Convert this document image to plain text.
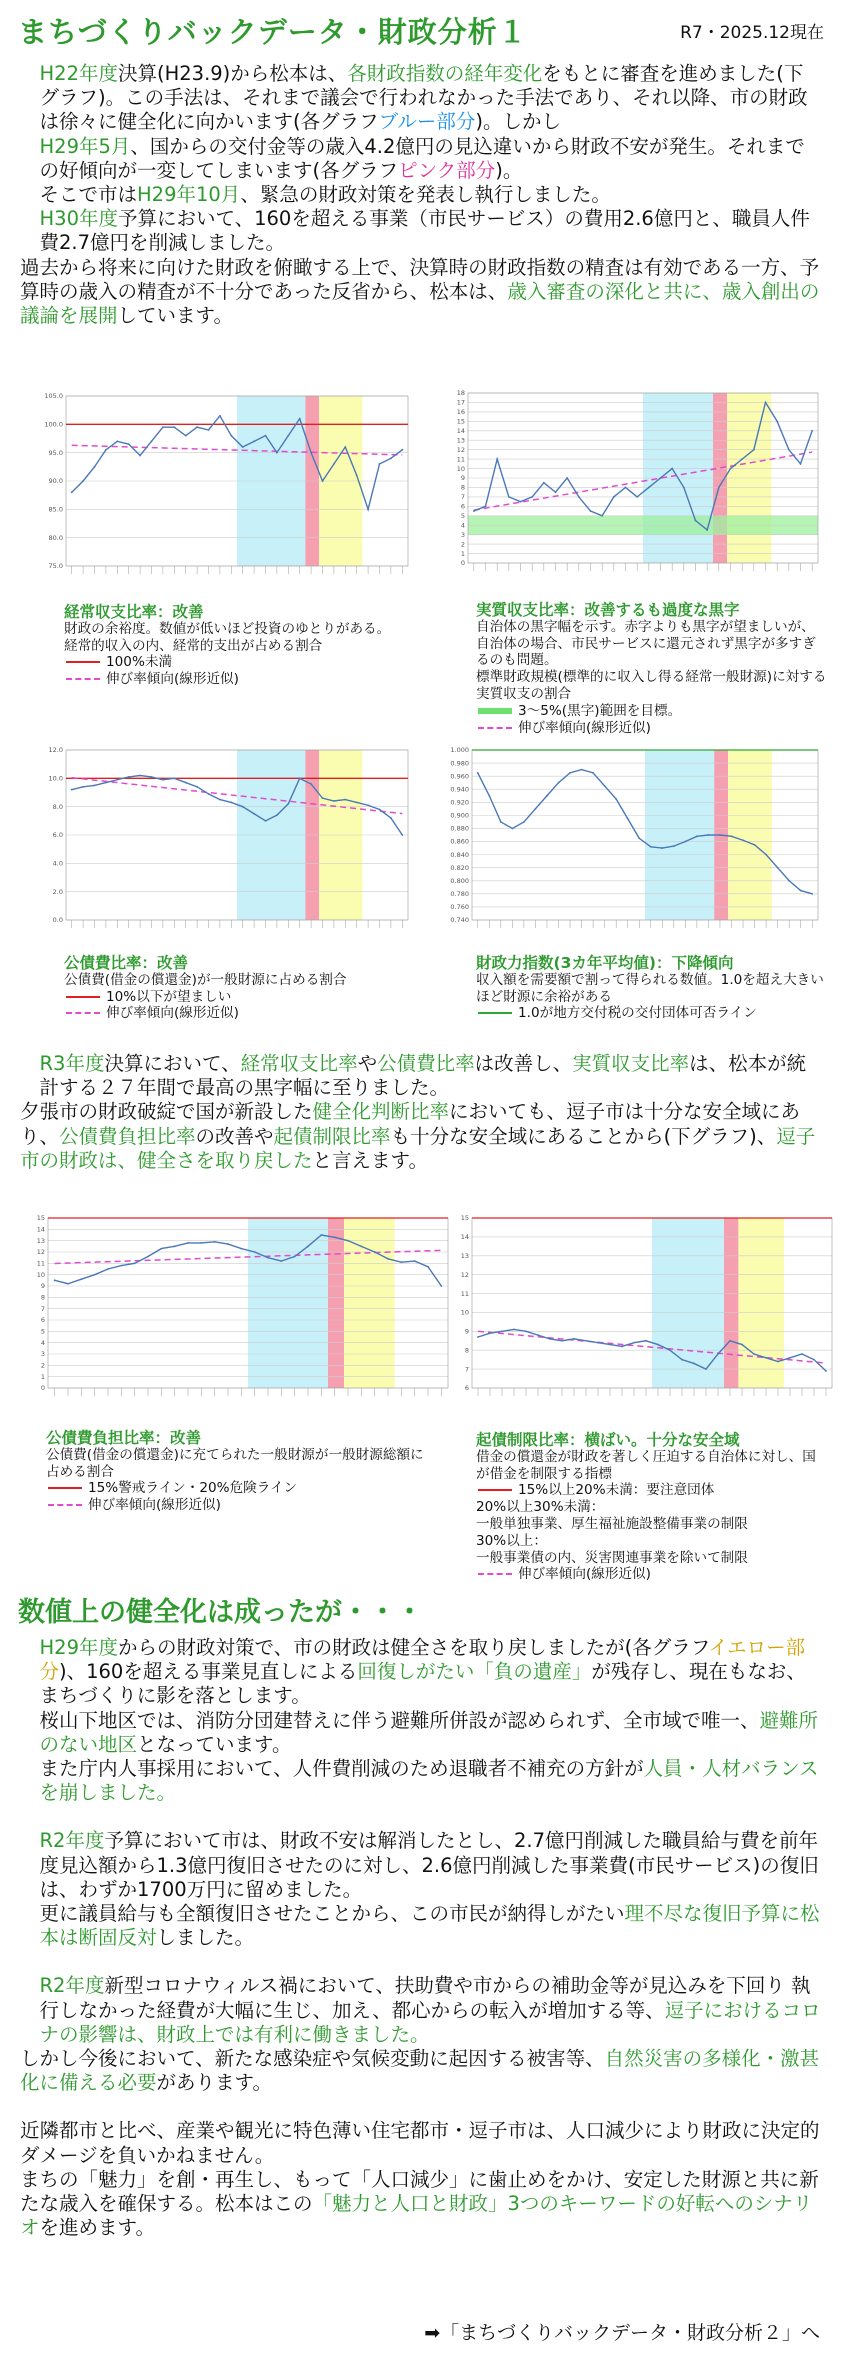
まちづくりバックデータ・財政分析１	R7・2025.12現在
H22年度決算(H23.9)から松本は、各財政指数の経年変化をもとに審査を進めました(下グラフ)。この手法は、それまで議会で行われなかった手法であり、それ以降、市の財政は徐々に健全化に向かいます(各グラフブルー部分)。しかし
H29年5月、国からの交付金等の歳入4.2億円の見込違いから財政不安が発生。それまでの好傾向が一変してしまいます(各グラフピンク部分)。
そこで市はH29年10月、緊急の財政対策を発表し執行しました。
H30年度予算において、160を超える事業（市民サービス）の費用2.6億円と、職員人件費2.7億円を削減しました。
過去から将来に向けた財政を俯瞰する上で、決算時の財政指数の精査は有効である一方、予算時の歳入の精査が不十分であった反省から、松本は、歳入審査の深化と共に、歳入創出の議論を展開しています。
105.0
100.0
95.0
90.0
85.0
80.0
75.0
18
17
16
15
14
13
12
11
10
9
8
7
6
5
4
3
2
1
0
経常収支比率：改善
財政の余裕度。数値が低いほど投資のゆとりがある。
経常的収入の内、経常的支出が占める割合
100%未満
伸び率傾向(線形近似)
実質収支比率：改善するも過度な黒字
自治体の黒字幅を示す。赤字よりも黒字が望ましいが、自治体の場合、市民サービスに還元されず黒字が多すぎるのも問題。
標準財政規模(標準的に収入し得る経常一般財源)に対する実質収支の割合
3～5%(黒字)範囲を目標。
伸び率傾向(線形近似)
12.0
10.0
8.0
6.0
4.0
2.0
0.0
1.000
0.980
0.960
0.940
0.920
0.900
0.880
0.860
0.840
0.820
0.800
0.780
0.760
0.740
公債費比率：改善
公債費(借金の償還金)が一般財源に占める割合
10%以下が望ましい
伸び率傾向(線形近似)
財政力指数(3カ年平均値)：下降傾向
収入額を需要額で割って得られる数値。1.0を超え大きいほど財源に余裕がある
1.0が地方交付税の交付団体可否ライン
R3年度決算において、経常収支比率や公債費比率は改善し、実質収支比率は、松本が統計する２７年間で最高の黒字幅に至りました。
夕張市の財政破綻で国が新設した健全化判断比率においても、逗子市は十分な安全域にあり、公債費負担比率の改善や起債制限比率も十分な安全域にあることから(下グラフ)、逗子市の財政は、健全さを取り戻したと言えます。
15
14
13
12
11
10
9
8
7
6
5
4
3
2
1
0
15
14
13
12
11
10
9
8
7
6
公債費負担比率：改善
公債費(借金の償還金)に充てられた一般財源が一般財源総額に占める割合
15%警戒ライン・20%危険ライン
伸び率傾向(線形近似)
起債制限比率：横ばい。十分な安全域
借金の償還金が財政を著しく圧迫する自治体に対し、国が借金を制限する指標
15%以上20%未満：要注意団体
20%以上30%未満：
一般単独事業、厚生福祉施設整備事業の制限
30%以上：
一般事業債の内、災害関連事業を除いて制限
伸び率傾向(線形近似)
数値上の健全化は成ったが・・・
H29年度からの財政対策で、市の財政は健全さを取り戻しましたが(各グラフイエロー部分)、160を超える事業見直しによる回復しがたい「負の遺産」が残存し、現在もなお、まちづくりに影を落とします。
桜山下地区では、消防分団建替えに伴う避難所併設が認められず、全市域で唯一、避難所のない地区となっています。
また庁内人事採用において、人件費削減のため退職者不補充の方針が人員・人材バランスを崩しました。
R2年度予算において市は、財政不安は解消したとし、2.7億円削減した職員給与費を前年度見込額から1.3億円復旧させたのに対し、2.6億円削減した事業費(市民サービス)の復旧は、わずか1700万円に留めました。
更に議員給与も全額復旧させたことから、この市民が納得しがたい理不尽な復旧予算に松本は断固反対しました。
R2年度新型コロナウィルス禍において、扶助費や市からの補助金等が見込みを下回り 執行しなかった経費が大幅に生じ、加え、都心からの転入が増加する等、逗子におけるコロナの影響は、財政上では有利に働きました。
しかし今後において、新たな感染症や気候変動に起因する被害等、自然災害の多様化・激甚化に備える必要があります。
近隣都市と比べ、産業や観光に特色薄い住宅都市・逗子市は、人口減少により財政に決定的ダメージを負いかねません。
まちの「魅力」を創・再生し、もって「人口減少」に歯止めをかけ、安定した財源と共に新たな歳入を確保する。松本はこの「魅力と人口と財政」3つのキーワードの好転へのシナリオを進めます。
➡「まちづくりバックデータ・財政分析２」へ
